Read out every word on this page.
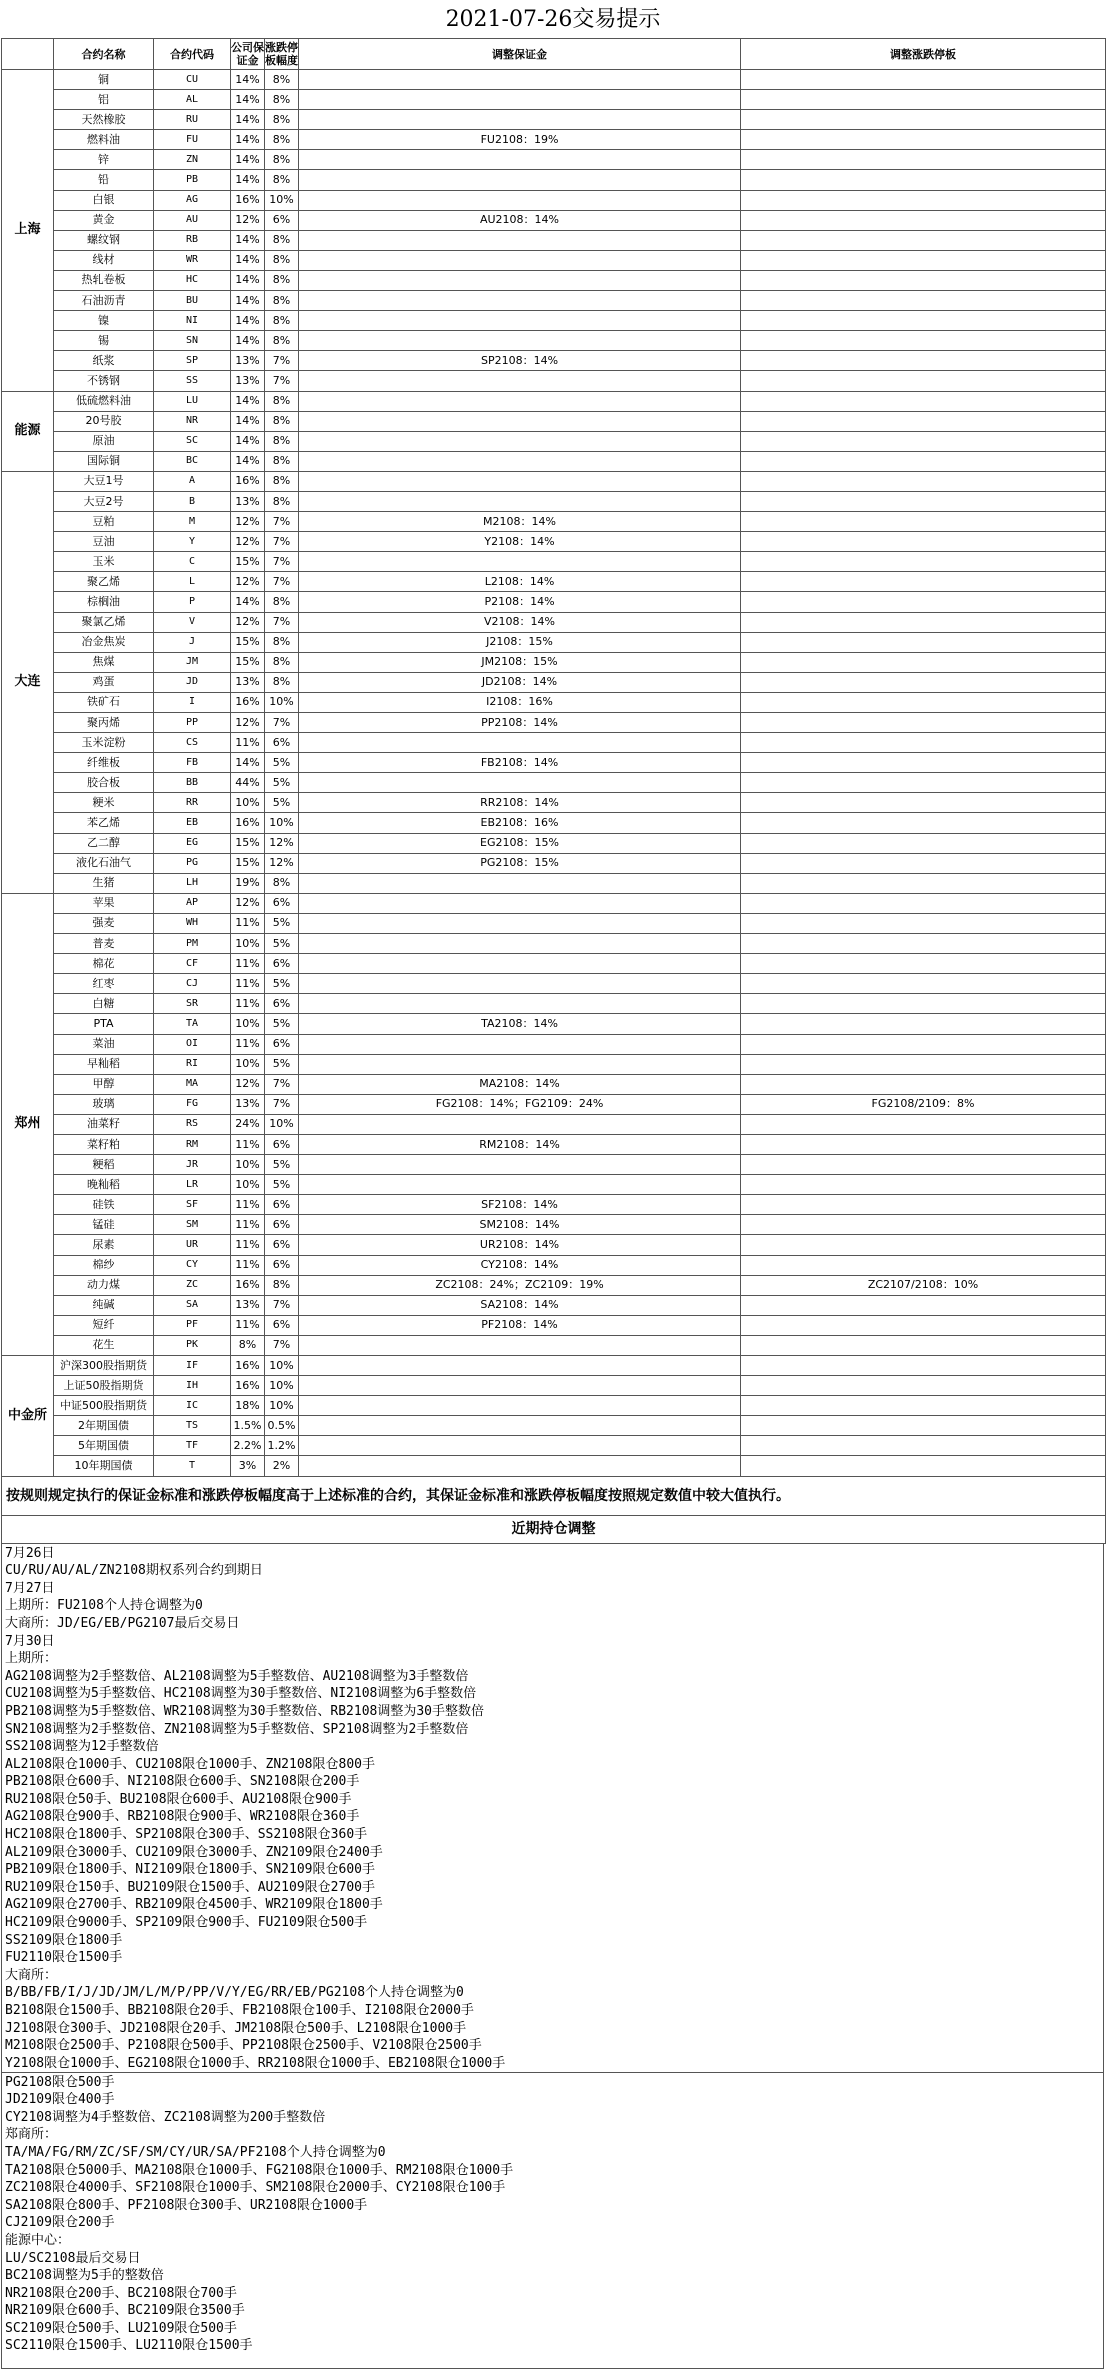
2021-07-26交易提示
	合约名称	合约代码	公司保证金	涨跌停板幅度	调整保证金	调整涨跌停板
上海	铜	CU	14%	8%		
	铝	AL	14%	8%		
	天然橡胶	RU	14%	8%		
	燃料油	FU	14%	8%	FU2108：19%	
	锌	ZN	14%	8%		
	铅	PB	14%	8%		
	白银	AG	16%	10%		
	黄金	AU	12%	6%	AU2108：14%	
	螺纹钢	RB	14%	8%		
	线材	WR	14%	8%		
	热轧卷板	HC	14%	8%		
	石油沥青	BU	14%	8%		
	镍	NI	14%	8%		
	锡	SN	14%	8%		
	纸浆	SP	13%	7%	SP2108：14%	
	不锈钢	SS	13%	7%		
能源	低硫燃料油	LU	14%	8%		
	20号胶	NR	14%	8%		
	原油	SC	14%	8%		
	国际铜	BC	14%	8%		
大连	大豆1号	A	16%	8%		
	大豆2号	B	13%	8%		
	豆粕	M	12%	7%	M2108：14%	
	豆油	Y	12%	7%	Y2108：14%	
	玉米	C	15%	7%		
	聚乙烯	L	12%	7%	L2108：14%	
	棕榈油	P	14%	8%	P2108：14%	
	聚氯乙烯	V	12%	7%	V2108：14%	
	冶金焦炭	J	15%	8%	J2108：15%	
	焦煤	JM	15%	8%	JM2108：15%	
	鸡蛋	JD	13%	8%	JD2108：14%	
	铁矿石	I	16%	10%	I2108：16%	
	聚丙烯	PP	12%	7%	PP2108：14%	
	玉米淀粉	CS	11%	6%		
	纤维板	FB	14%	5%	FB2108：14%	
	胶合板	BB	44%	5%		
	粳米	RR	10%	5%	RR2108：14%	
	苯乙烯	EB	16%	10%	EB2108：16%	
	乙二醇	EG	15%	12%	EG2108：15%	
	液化石油气	PG	15%	12%	PG2108：15%	
	生猪	LH	19%	8%		
郑州	苹果	AP	12%	6%		
	强麦	WH	11%	5%		
	普麦	PM	10%	5%		
	棉花	CF	11%	6%		
	红枣	CJ	11%	5%		
	白糖	SR	11%	6%		
	PTA	TA	10%	5%	TA2108：14%	
	菜油	OI	11%	6%		
	早籼稻	RI	10%	5%		
	甲醇	MA	12%	7%	MA2108：14%	
	玻璃	FG	13%	7%	FG2108：14%；FG2109：24%	FG2108/2109：8%
	油菜籽	RS	24%	10%		
	菜籽粕	RM	11%	6%	RM2108：14%	
	粳稻	JR	10%	5%		
	晚籼稻	LR	10%	5%		
	硅铁	SF	11%	6%	SF2108：14%	
	锰硅	SM	11%	6%	SM2108：14%	
	尿素	UR	11%	6%	UR2108：14%	
	棉纱	CY	11%	6%	CY2108：14%	
	动力煤	ZC	16%	8%	ZC2108：24%；ZC2109：19%	ZC2107/2108：10%
	纯碱	SA	13%	7%	SA2108：14%	
	短纤	PF	11%	6%	PF2108：14%	
	花生	PK	8%	7%		
中金所	沪深300股指期货	IF	16%	10%		
	上证50股指期货	IH	16%	10%		
	中证500股指期货	IC	18%	10%		
	2年期国债	TS	1.5%	0.5%		
	5年期国债	TF	2.2%	1.2%		
	10年期国债	T	3%	2%		
按规则规定执行的保证金标准和涨跌停板幅度高于上述标准的合约，其保证金标准和涨跌停板幅度按照规定数值中较大值执行。
近期持仓调整
7月26日
CU/RU/AU/AL/ZN2108期权系列合约到期日
7月27日
上期所：FU2108个人持仓调整为0
大商所：JD/EG/EB/PG2107最后交易日
7月30日
上期所：
AG2108调整为2手整数倍、AL2108调整为5手整数倍、AU2108调整为3手整数倍
CU2108调整为5手整数倍、HC2108调整为30手整数倍、NI2108调整为6手整数倍
PB2108调整为5手整数倍、WR2108调整为30手整数倍、RB2108调整为30手整数倍
SN2108调整为2手整数倍、ZN2108调整为5手整数倍、SP2108调整为2手整数倍
SS2108调整为12手整数倍
AL2108限仓1000手、CU2108限仓1000手、ZN2108限仓800手
PB2108限仓600手、NI2108限仓600手、SN2108限仓200手
RU2108限仓50手、BU2108限仓600手、AU2108限仓900手
AG2108限仓900手、RB2108限仓900手、WR2108限仓360手
HC2108限仓1800手、SP2108限仓300手、SS2108限仓360手
AL2109限仓3000手、CU2109限仓3000手、ZN2109限仓2400手
PB2109限仓1800手、NI2109限仓1800手、SN2109限仓600手
RU2109限仓150手、BU2109限仓1500手、AU2109限仓2700手
AG2109限仓2700手、RB2109限仓4500手、WR2109限仓1800手
HC2109限仓9000手、SP2109限仓900手、FU2109限仓500手
SS2109限仓1800手
FU2110限仓1500手
大商所：
B/BB/FB/I/J/JD/JM/L/M/P/PP/V/Y/EG/RR/EB/PG2108个人持仓调整为0
B2108限仓1500手、BB2108限仓20手、FB2108限仓100手、I2108限仓2000手
J2108限仓300手、JD2108限仓20手、JM2108限仓500手、L2108限仓1000手
M2108限仓2500手、P2108限仓500手、PP2108限仓2500手、V2108限仓2500手
Y2108限仓1000手、EG2108限仓1000手、RR2108限仓1000手、EB2108限仓1000手
PG2108限仓500手
JD2109限仓400手
CY2108调整为4手整数倍、ZC2108调整为200手整数倍
郑商所：
TA/MA/FG/RM/ZC/SF/SM/CY/UR/SA/PF2108个人持仓调整为0
TA2108限仓5000手、MA2108限仓1000手、FG2108限仓1000手、RM2108限仓1000手
ZC2108限仓4000手、SF2108限仓1000手、SM2108限仓2000手、CY2108限仓100手
SA2108限仓800手、PF2108限仓300手、UR2108限仓1000手
CJ2109限仓200手
能源中心：
LU/SC2108最后交易日
BC2108调整为5手的整数倍
NR2108限仓200手、BC2108限仓700手
NR2109限仓600手、BC2109限仓3500手
SC2109限仓500手、LU2109限仓500手
SC2110限仓1500手、LU2110限仓1500手
